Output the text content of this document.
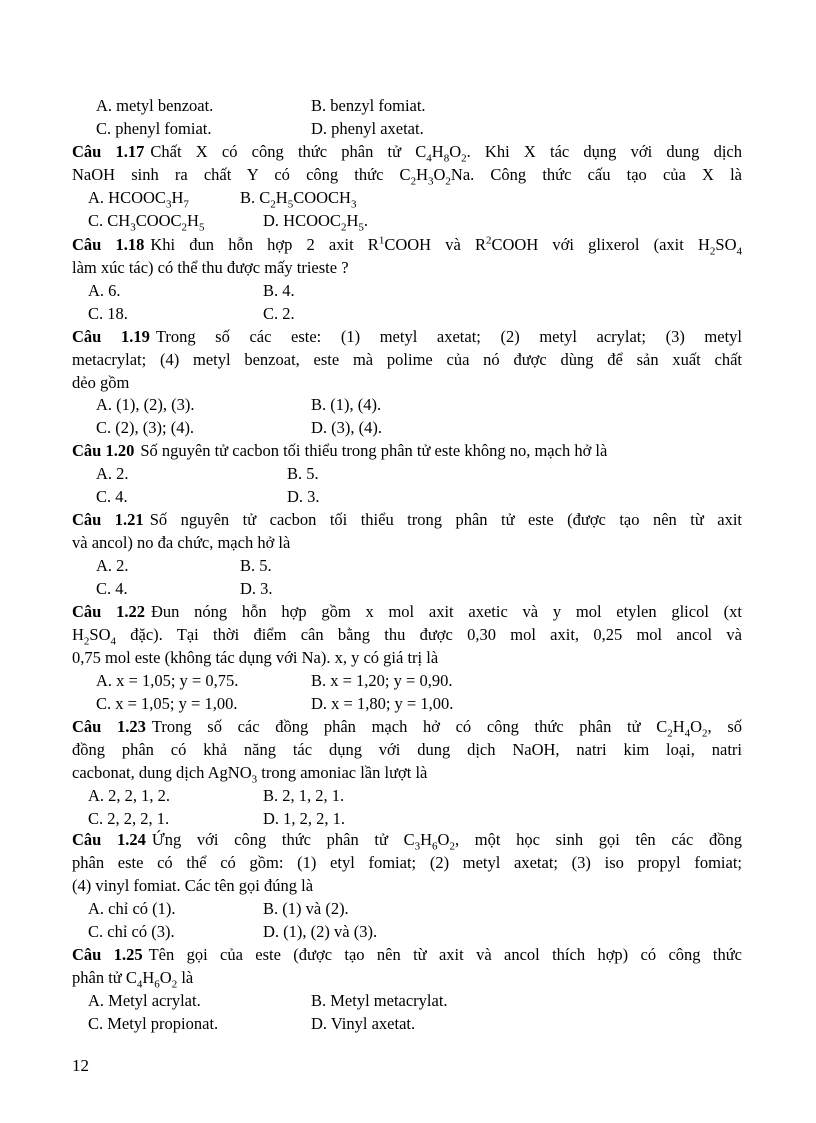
A. metyl benzoat.	B. benzyl fomiat.
C. phenyl fomiat.	D. phenyl axetat.
Câu 1.17 Chất X có công thức phân tử $C_4H_8O_2$. Khi X tác dụng với dung dịch
NaOH sinh ra chất Y có công thức $C_2H_3O_2Na$. Công thức cấu tạo của X là
A. $HCOOC_3H_7$	B. $C_2H_5COOCH_3$
C. $CH_3COOC_2H_5$	D. $HCOOC_2H_5$.
Câu 1.18 Khi đun hỗn hợp 2 axit $R^1COOH$ và $R^2COOH$ với glixerol (axit $H_2SO_4$
làm xúc tác) có thể thu được mấy trieste ?
A. 6.	B. 4.
C. 18.	C. 2.
Câu 1.19 Trong số các este: (1) metyl axetat; (2) metyl acrylat; (3) metyl
metacrylat; (4) metyl benzoat, este mà polime của nó được dùng để sản xuất chất
dẻo gồm
A. (1), (2), (3).	B. (1), (4).
C. (2), (3); (4).	D. (3), (4).
Câu 1.20 Số nguyên tử cacbon tối thiểu trong phân tử este không no, mạch hở là
A. 2.	B. 5.
C. 4.	D. 3.
Câu 1.21 Số nguyên tử cacbon tối thiểu trong phân tử este (được tạo nên từ axit
và ancol) no đa chức, mạch hở là
A. 2.	B. 5.
C. 4.	D. 3.
Câu 1.22 Đun nóng hỗn hợp gồm x mol axit axetic và y mol etylen glicol (xt
$H_2SO_4$ đặc). Tại thời điểm cân bằng thu được 0,30 mol axit, 0,25 mol ancol và
0,75 mol este (không tác dụng với Na). x, y có giá trị là
A. x = 1,05; y = 0,75.	B. x = 1,20; y = 0,90.
C. x = 1,05; y = 1,00.	D. x = 1,80; y = 1,00.
Câu 1.23 Trong số các đồng phân mạch hở có công thức phân tử $C_2H_4O_2$, số
đồng phân có khả năng tác dụng với dung dịch NaOH, natri kim loại, natri
cacbonat, dung dịch AgNO$_3$ trong amoniac lần lượt là
A. 2, 2, 1, 2.	B. 2, 1, 2, 1.
C. 2, 2, 2, 1.	D. 1, 2, 2, 1.
Câu 1.24 Ứng với công thức phân tử $C_3H_6O_2$, một học sinh gọi tên các đồng
phân este có thể có gồm: (1) etyl fomiat; (2) metyl axetat; (3) iso propyl fomiat;
(4) vinyl fomiat. Các tên gọi đúng là
A. chỉ có (1).	B. (1) và (2).
C. chỉ có (3).	D. (1), (2) và (3).
Câu 1.25 Tên gọi của este (được tạo nên từ axit và ancol thích hợp) có công thức
phân tử $C_4H_6O_2$ là
A. Metyl acrylat.	B. Metyl metacrylat.
C. Metyl propionat.	D. Vinyl axetat.
12
